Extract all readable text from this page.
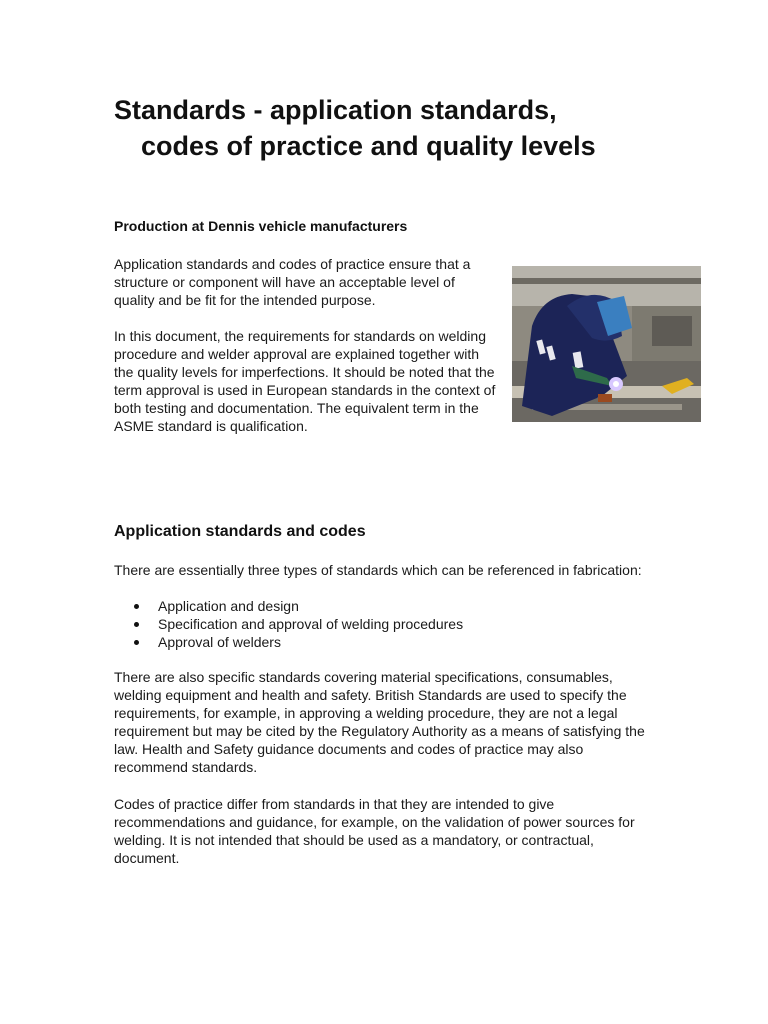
Standards - application standards,
codes of practice and quality levels

Production at Dennis vehicle manufacturers

Application standards and codes of practice ensure that a structure or component will have an acceptable level of quality and be fit for the intended purpose.

In this document, the requirements for standards on welding procedure and welder approval are explained together with the quality levels for imperfections. It should be noted that the term approval is used in European standards in the context of both testing and documentation. The equivalent term in the ASME standard is qualification.

Application standards and codes

There are essentially three types of standards which can be referenced in fabrication:

Application and design
Specification and approval of welding procedures
Approval of welders

There are also specific standards covering material specifications, consumables, welding equipment and health and safety. British Standards are used to specify the requirements, for example, in approving a welding procedure, they are not a legal requirement but may be cited by the Regulatory Authority as a means of satisfying the law. Health and Safety guidance documents and codes of practice may also recommend standards.

Codes of practice differ from standards in that they are intended to give recommendations and guidance, for example, on the validation of power sources for welding. It is not intended that should be used as a mandatory, or contractual, document.
